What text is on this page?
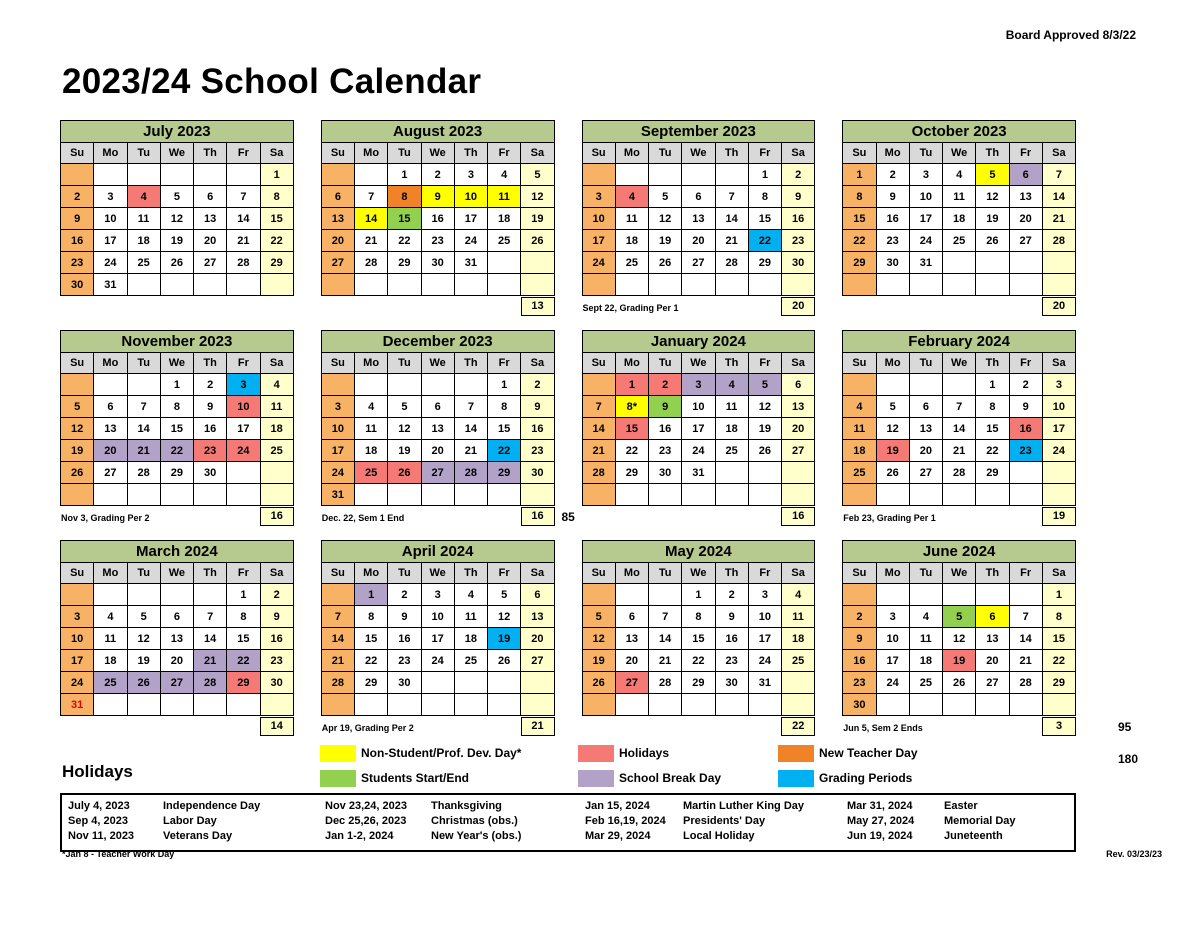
Board Approved 8/3/22
2023/24 School Calendar
July 2023
Su	Mo	Tu	We	Th	Fr	Sa
						1
2	3	4	5	6	7	8
9	10	11	12	13	14	15
16	17	18	19	20	21	22
23	24	25	26	27	28	29
30	31					
August 2023
Su	Mo	Tu	We	Th	Fr	Sa
		1	2	3	4	5
6	7	8	9	10	11	12
13	14	15	16	17	18	19
20	21	22	23	24	25	26
27	28	29	30	31		

13
September 2023
Su	Mo	Tu	We	Th	Fr	Sa
					1	2
3	4	5	6	7	8	9
10	11	12	13	14	15	16
17	18	19	20	21	22	23
24	25	26	27	28	29	30

Sept 22, Grading Per 1	20
October 2023
Su	Mo	Tu	We	Th	Fr	Sa
1	2	3	4	5	6	7
8	9	10	11	12	13	14
15	16	17	18	19	20	21
22	23	24	25	26	27	28
29	30	31				

20
November 2023
Su	Mo	Tu	We	Th	Fr	Sa
			1	2	3	4
5	6	7	8	9	10	11
12	13	14	15	16	17	18
19	20	21	22	23	24	25
26	27	28	29	30		

Nov 3, Grading Per 2	16
December 2023
Su	Mo	Tu	We	Th	Fr	Sa
					1	2
3	4	5	6	7	8	9
10	11	12	13	14	15	16
17	18	19	20	21	22	23
24	25	26	27	28	29	30
31						
Dec. 22, Sem 1 End	16	85
January 2024
Su	Mo	Tu	We	Th	Fr	Sa
	1	2	3	4	5	6
7	8*	9	10	11	12	13
14	15	16	17	18	19	20
21	22	23	24	25	26	27
28	29	30	31			

16
February 2024
Su	Mo	Tu	We	Th	Fr	Sa
				1	2	3
4	5	6	7	8	9	10
11	12	13	14	15	16	17
18	19	20	21	22	23	24
25	26	27	28	29		

Feb 23, Grading Per 1	19
March 2024
Su	Mo	Tu	We	Th	Fr	Sa
					1	2
3	4	5	6	7	8	9
10	11	12	13	14	15	16
17	18	19	20	21	22	23
24	25	26	27	28	29	30
31						
14
April 2024
Su	Mo	Tu	We	Th	Fr	Sa
	1	2	3	4	5	6
7	8	9	10	11	12	13
14	15	16	17	18	19	20
21	22	23	24	25	26	27
28	29	30				

Apr 19, Grading Per 2	21
May 2024
Su	Mo	Tu	We	Th	Fr	Sa
			1	2	3	4
5	6	7	8	9	10	11
12	13	14	15	16	17	18
19	20	21	22	23	24	25
26	27	28	29	30	31	

22
June 2024
Su	Mo	Tu	We	Th	Fr	Sa
						1
2	3	4	5	6	7	8
9	10	11	12	13	14	15
16	17	18	19	20	21	22
23	24	25	26	27	28	29
30						
Jun 5, Sem 2 Ends	3	95
180
Holidays
Non-Student/Prof. Dev. Day*	Holidays	New Teacher Day
Students Start/End	School Break Day	Grading Periods
July 4, 2023	Independence Day	Nov 23,24, 2023	Thanksgiving	Jan 15, 2024	Martin Luther King Day	Mar 31, 2024	Easter
Sep 4, 2023	Labor Day	Dec 25,26, 2023	Christmas (obs.)	Feb 16,19, 2024	Presidents' Day	May 27, 2024	Memorial Day
Nov 11, 2023	Veterans Day	Jan 1-2, 2024	New Year's (obs.)	Mar 29, 2024	Local Holiday	Jun 19, 2024	Juneteenth
*Jan 8 - Teacher Work Day	Rev. 03/23/23
